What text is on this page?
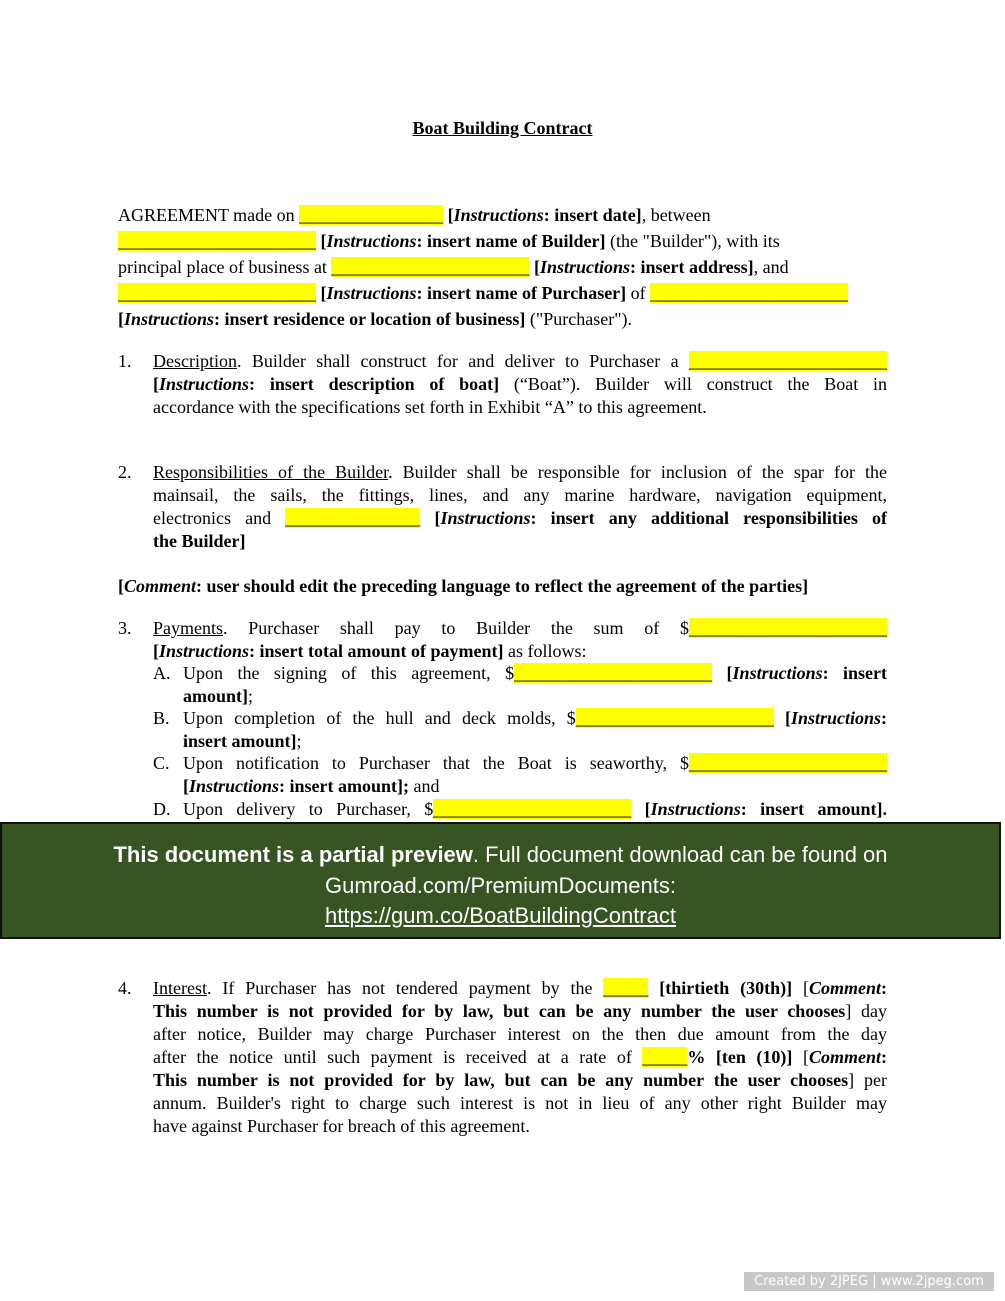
Boat Building Contract
AGREEMENT made on ________________ [Instructions: insert date], between
______________________ [Instructions: insert name of Builder] (the "Builder"), with its
principal place of business at ______________________ [Instructions: insert address], and
______________________ [Instructions: insert name of Purchaser] of ______________________
[Instructions: insert residence or location of business] ("Purchaser").
1.	Description. Builder shall construct for and deliver to Purchaser a ______________________
[Instructions: insert description of boat] (“Boat”). Builder will construct the Boat in
accordance with the specifications set forth in Exhibit “A” to this agreement.
2.	Responsibilities of the Builder. Builder shall be responsible for inclusion of the spar for the
mainsail, the sails, the fittings, lines, and any marine hardware, navigation equipment,
electronics and _______________ [Instructions: insert any additional responsibilities of
the Builder]
[Comment: user should edit the preceding language to reflect the agreement of the parties]
3.	Payments. Purchaser shall pay to Builder the sum of $______________________
[Instructions: insert total amount of payment] as follows:
A. Upon the signing of this agreement, $______________________ [Instructions: insert
amount];
B. Upon completion of the hull and deck molds, $______________________ [Instructions:
insert amount];
C. Upon notification to Purchaser that the Boat is seaworthy, $______________________
[Instructions: insert amount]; and
D. Upon delivery to Purchaser, $______________________ [Instructions: insert amount].
This document is a partial preview. Full document download can be found on
Gumroad.com/PremiumDocuments:
https://gum.co/BoatBuildingContract
4.	Interest. If Purchaser has not tendered payment by the _____ [thirtieth (30th)] [Comment:
This number is not provided for by law, but can be any number the user chooses] day
after notice, Builder may charge Purchaser interest on the then due amount from the day
after the notice until such payment is received at a rate of _____% [ten (10)] [Comment:
This number is not provided for by law, but can be any number the user chooses] per
annum. Builder's right to charge such interest is not in lieu of any other right Builder may
have against Purchaser for breach of this agreement.
Created by 2JPEG | www.2jpeg.com
